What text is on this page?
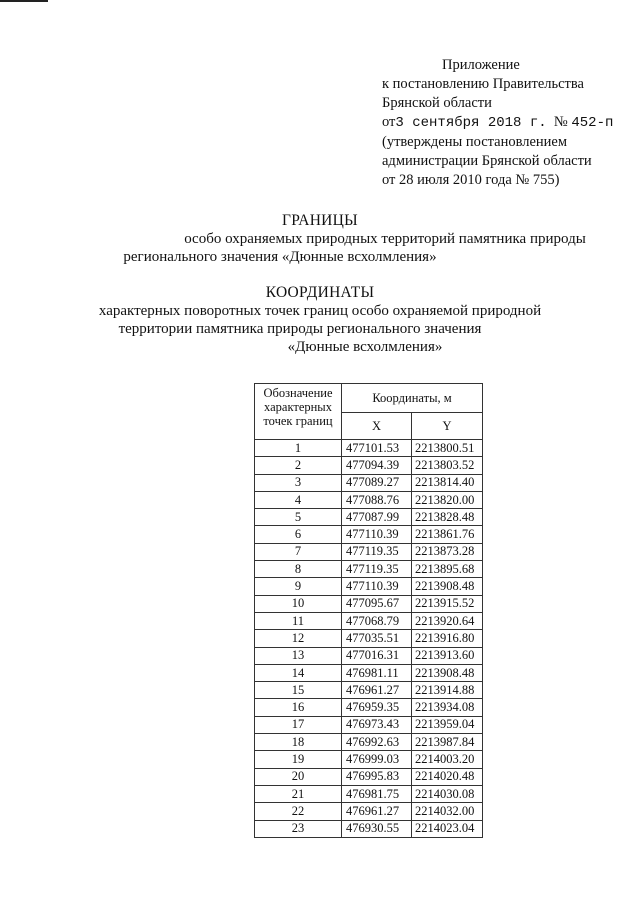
Приложение
к постановлению Правительства
Брянской области
от3 сентября 2018 г. № 452-п
(утверждены постановлением
администрации Брянской области
от 28 июля 2010 года № 755)
ГРАНИЦЫ
особо охраняемых природных территорий памятника природы
регионального значения «Дюнные всхолмления»
КООРДИНАТЫ
характерных поворотных точек границ особо охраняемой природной
территории памятника природы регионального значения
«Дюнные всхолмления»
Обозначение характерных точек границ	Координаты, м	
	X	Y
1	477101.53	2213800.51
2	477094.39	2213803.52
3	477089.27	2213814.40
4	477088.76	2213820.00
5	477087.99	2213828.48
6	477110.39	2213861.76
7	477119.35	2213873.28
8	477119.35	2213895.68
9	477110.39	2213908.48
10	477095.67	2213915.52
11	477068.79	2213920.64
12	477035.51	2213916.80
13	477016.31	2213913.60
14	476981.11	2213908.48
15	476961.27	2213914.88
16	476959.35	2213934.08
17	476973.43	2213959.04
18	476992.63	2213987.84
19	476999.03	2214003.20
20	476995.83	2214020.48
21	476981.75	2214030.08
22	476961.27	2214032.00
23	476930.55	2214023.04
